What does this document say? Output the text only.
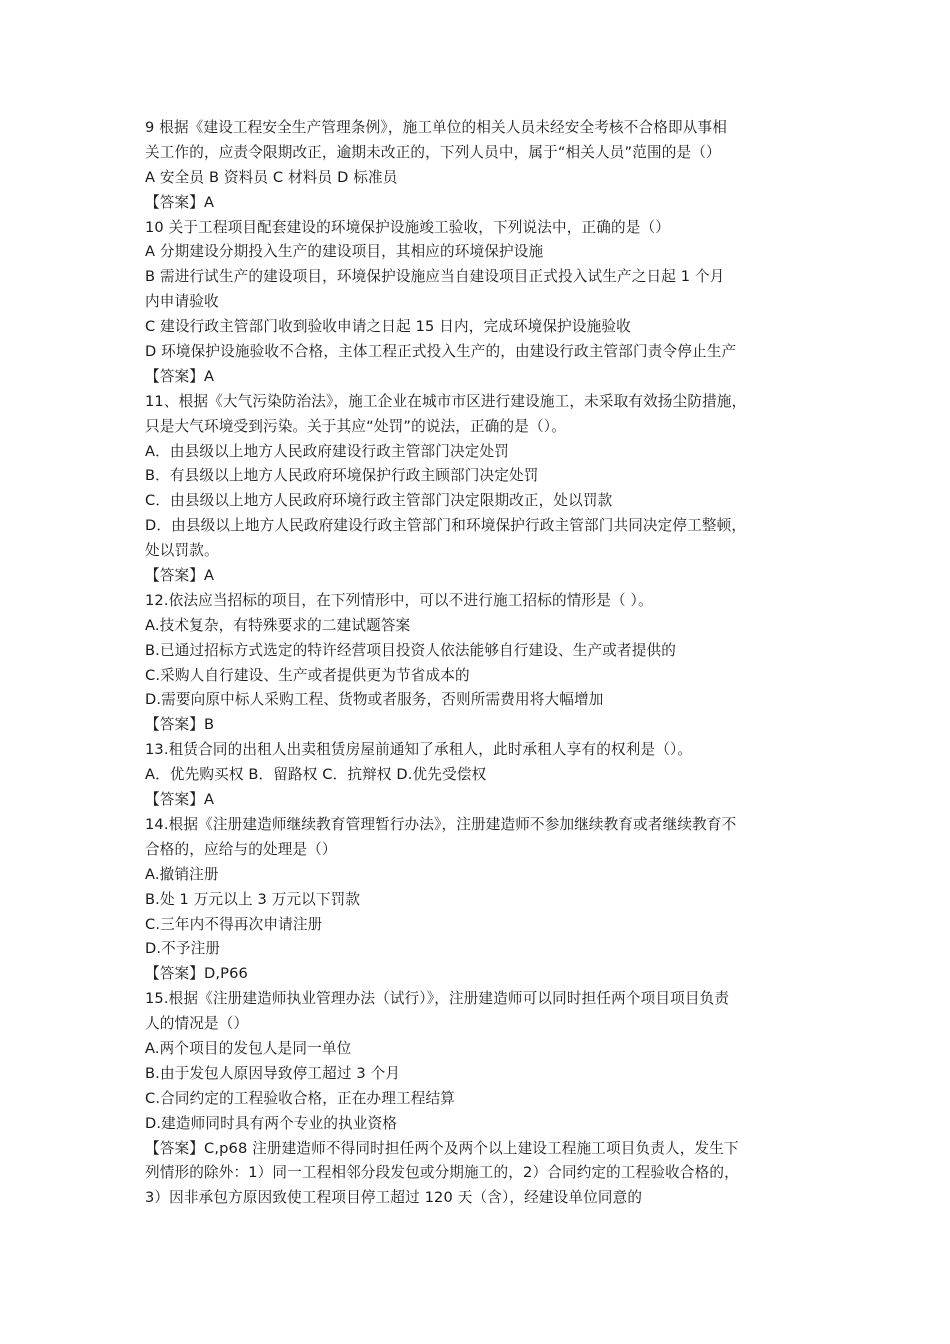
9 根据《建设工程安全生产管理条例》，施工单位的相关人员未经安全考核不合格即从事相
关工作的，应责令限期改正，逾期未改正的，下列人员中，属于“相关人员”范围的是（）
A 安全员 B 资料员 C 材料员 D 标准员
【答案】A
10 关于工程项目配套建设的环境保护设施竣工验收，下列说法中，正确的是（）
A 分期建设分期投入生产的建设项目，其相应的环境保护设施
B 需进行试生产的建设项目，环境保护设施应当自建设项目正式投入试生产之日起 1 个月
内申请验收
C 建设行政主管部门收到验收申请之日起 15 日内，完成环境保护设施验收
D 环境保护设施验收不合格，主体工程正式投入生产的，由建设行政主管部门责令停止生产
【答案】A
11、根据《大气污染防治法》，施工企业在城市市区进行建设施工，未采取有效扬尘防措施，
只是大气环境受到污染。关于其应“处罚”的说法，正确的是（）。
A．由县级以上地方人民政府建设行政主管部门决定处罚
B．有县级以上地方人民政府环境保护行政主顾部门决定处罚
C．由县级以上地方人民政府环境行政主管部门决定限期改正，处以罚款
D．由县级以上地方人民政府建设行政主管部门和环境保护行政主管部门共同决定停工整顿，
处以罚款。
【答案】A
12.依法应当招标的项目，在下列情形中，可以不进行施工招标的情形是（ ）。
A.技术复杂，有特殊要求的二建试题答案
B.已通过招标方式选定的特许经营项目投资人依法能够自行建设、生产或者提供的
C.采购人自行建设、生产或者提供更为节省成本的
D.需要向原中标人采购工程、货物或者服务，否则所需费用将大幅增加
【答案】B
13.租赁合同的出租人出卖租赁房屋前通知了承租人，此时承租人享有的权利是（）。
A．优先购买权 B．留路权 C．抗辩权 D.优先受偿权
【答案】A
14.根据《注册建造师继续教育管理暂行办法》，注册建造师不参加继续教育或者继续教育不
合格的，应给与的处理是（）
A.撤销注册
B.处 1 万元以上 3 万元以下罚款
C.三年内不得再次申请注册
D.不予注册
【答案】D,P66
15.根据《注册建造师执业管理办法（试行）》，注册建造师可以同时担任两个项目项目负责
人的情况是（）
A.两个项目的发包人是同一单位
B.由于发包人原因导致停工超过 3 个月
C.合同约定的工程验收合格，正在办理工程结算
D.建造师同时具有两个专业的执业资格
【答案】C,p68 注册建造师不得同时担任两个及两个以上建设工程施工项目负责人，发生下
列情形的除外：1）同一工程相邻分段发包或分期施工的，2）合同约定的工程验收合格的，
3）因非承包方原因致使工程项目停工超过 120 天（含），经建设单位同意的
